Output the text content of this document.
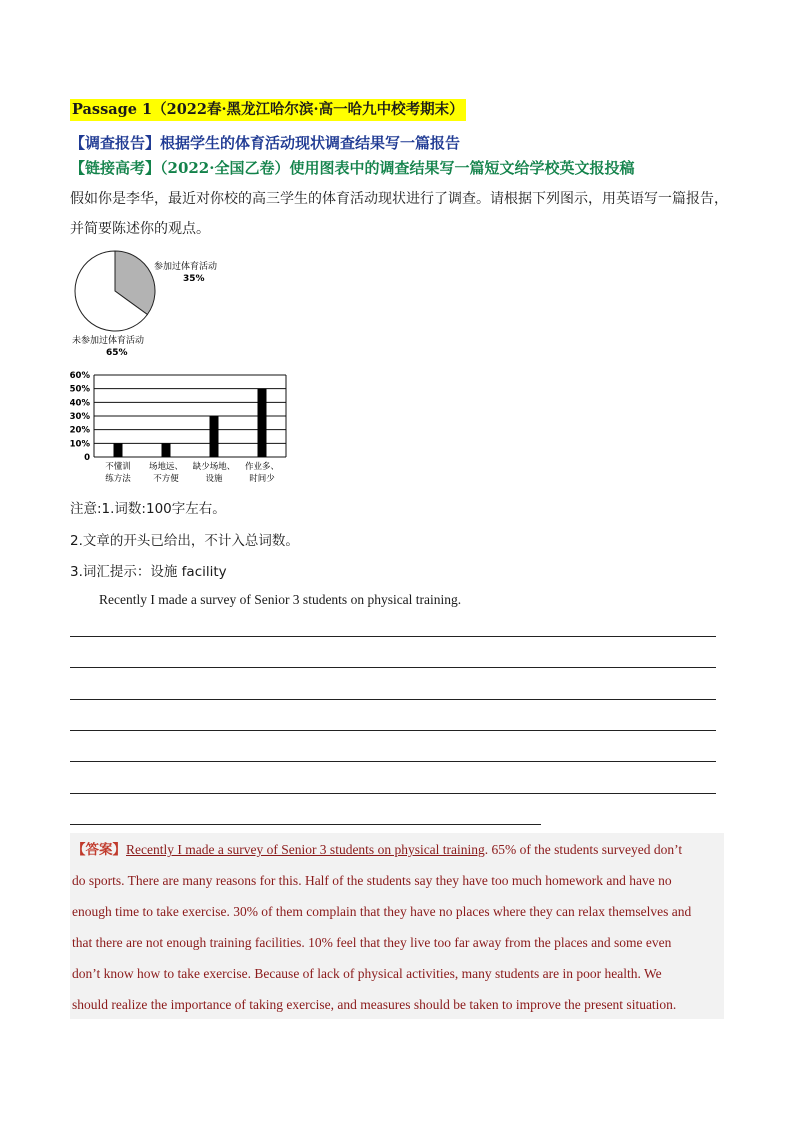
Passage 1（2022春·黑龙江哈尔滨·高一哈九中校考期末）
【调查报告】根据学生的体育活动现状调查结果写一篇报告
【链接高考】（2022·全国乙卷）使用图表中的调查结果写一篇短文给学校英文报投稿
假如你是李华，最近对你校的高三学生的体育活动现状进行了调查。请根据下列图示，用英语写一篇报告，
并简要陈述你的观点。
参加过体育活动
35%
未参加过体育活动
65%
0
10%
20%
30%
40%
50%
60%
不懂训
练方法
场地远、
不方便
缺少场地、
设施
作业多、
时间少
注意:1.词数:100字左右。
2.文章的开头已给出，不计入总词数。
3.词汇提示：设施 facility
Recently I made a survey of Senior 3 students on physical training.
【答案】Recently I made a survey of Senior 3 students on physical training. 65% of the students surveyed don’t
do sports. There are many reasons for this. Half of the students say they have too much homework and have no
enough time to take exercise. 30% of them complain that they have no places where they can relax themselves and
that there are not enough training facilities. 10% feel that they live too far away from the places and some even
don’t know how to take exercise. Because of lack of physical activities, many students are in poor health. We
should realize the importance of taking exercise, and measures should be taken to improve the present situation.
